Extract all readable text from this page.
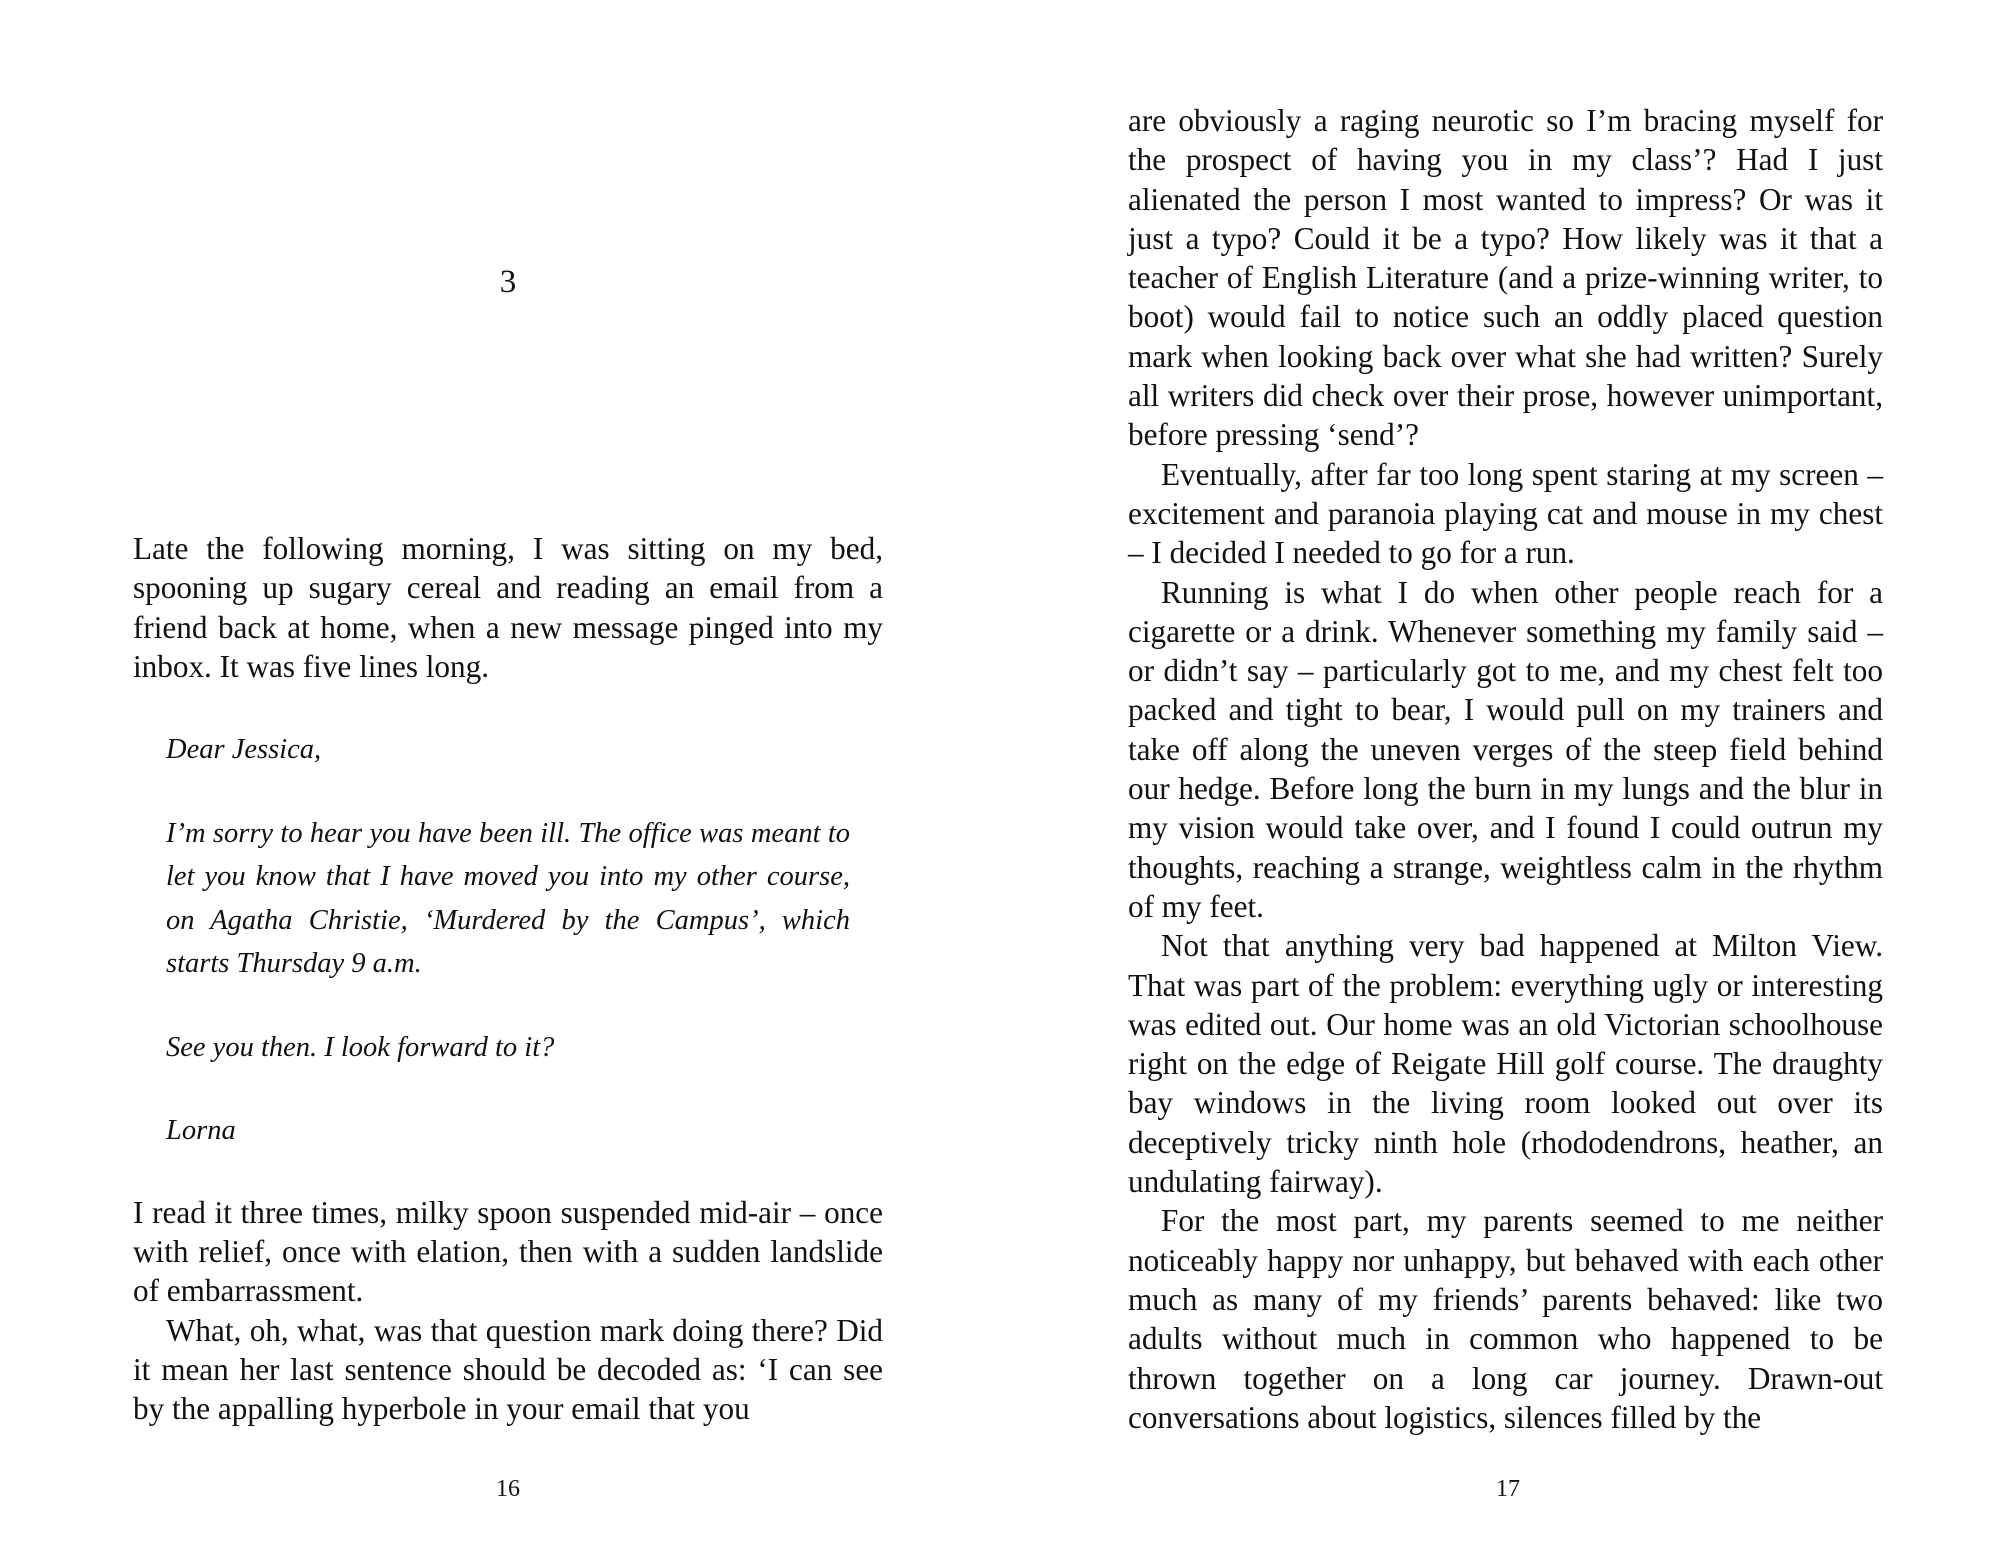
3

Late the following morning, I was sitting on my bed, spooning up sugary cereal and reading an email from a friend back at home, when a new message pinged into my inbox. It was five lines long.

Dear Jessica,

I’m sorry to hear you have been ill. The office was meant to let you know that I have moved you into my other course, on Agatha Christie, ‘Murdered by the Campus’, which starts Thursday 9 a.m.

See you then. I look forward to it?

Lorna

I read it three times, milky spoon suspended mid-air – once with relief, once with elation, then with a sudden landslide of embarrassment.

What, oh, what, was that question mark doing there? Did it mean her last sentence should be decoded as: ‘I can see by the appalling hyperbole in your email that you

16

are obviously a raging neurotic so I’m bracing myself for the prospect of having you in my class’? Had I just alienated the person I most wanted to impress? Or was it just a typo? Could it be a typo? How likely was it that a teacher of English Literature (and a prize-winning writer, to boot) would fail to notice such an oddly placed question mark when looking back over what she had written? Surely all writers did check over their prose, however unimportant, before pressing ‘send’?

Eventually, after far too long spent staring at my screen – excitement and paranoia playing cat and mouse in my chest – I decided I needed to go for a run.

Running is what I do when other people reach for a cigarette or a drink. Whenever something my family said – or didn’t say – particularly got to me, and my chest felt too packed and tight to bear, I would pull on my trainers and take off along the uneven verges of the steep field behind our hedge. Before long the burn in my lungs and the blur in my vision would take over, and I found I could outrun my thoughts, reaching a strange, weightless calm in the rhythm of my feet.

Not that anything very bad happened at Milton View. That was part of the problem: everything ugly or interesting was edited out. Our home was an old Victorian schoolhouse right on the edge of Reigate Hill golf course. The draughty bay windows in the living room looked out over its deceptively tricky ninth hole (rhododendrons, heather, an undulating fairway).

For the most part, my parents seemed to me neither noticeably happy nor unhappy, but behaved with each other much as many of my friends’ parents behaved: like two adults without much in common who happened to be thrown together on a long car journey. Drawn-out conversations about logistics, silences filled by the

17
